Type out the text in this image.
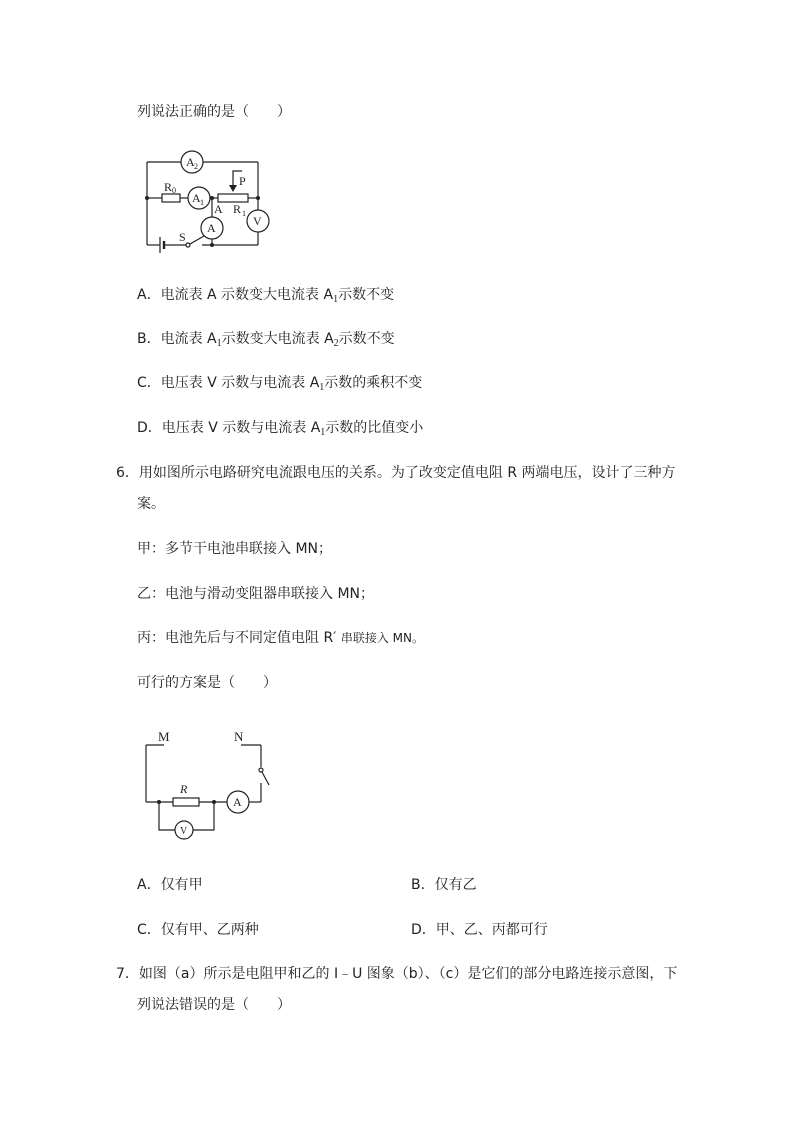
列说法正确的是（　　）
A 2
R 0
A 1
P
A R 1
V
A
S
A．电流表 A 示数变大电流表 $A_1$示数不变
B．电流表 $A_1$示数变大电流表 $A_2$示数不变
C．电压表 V 示数与电流表 $A_1$示数的乘积不变
D．电压表 V 示数与电流表 $A_1$示数的比值变小
6．用如图所示电路研究电流跟电压的关系。为了改变定值电阻 R 两端电压，设计了三种方
案。
甲：多节干电池串联接入 MN；
乙：电池与滑动变阻器串联接入 MN；
丙：电池先后与不同定值电阻 R′ 串联接入 MN。
可行的方案是（　　）
M	N
R
A
V
A．仅有甲	B．仅有乙
C．仅有甲、乙两种	D．甲、乙、丙都可行
7．如图（a）所示是电阻甲和乙的 I﹣U 图象（b）、（c）是它们的部分电路连接示意图，下
列说法错误的是（　　）
